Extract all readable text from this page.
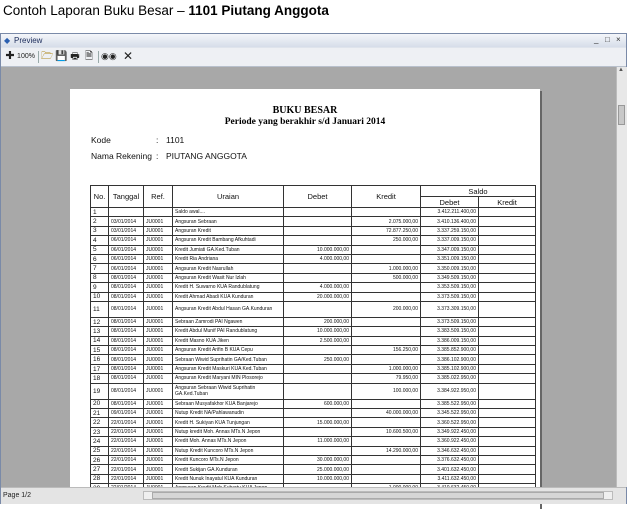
Contoh Laporan Buku Besar – 1101 Piutang Anggota
◆ Preview	_ □ ×
✚ 100% 🗁 💾 🖶 🗎 ◉◉ ✕
BUKU BESAR
Periode yang berakhir s/d Januari 2014
Kode	: 1101
Nama Rekening : PIUTANG ANGGOTA
No.	Tanggal	Ref.	Uraian	Debet	Kredit	Saldo	
						Debet	Kredit
1			Saldo awal....			3.412.211.400,00	
2	03/01/2014	JU0001	Angsuran Sebraan		2.075.000,00	3.410.136.400,00	
3	03/01/2014	JU0001	Angsuran Kredit		72.877.250,00	3.337.259.150,00	
4	06/01/2014	JU0001	Angsuran Kredit Bambang Afkuhtadi		250.000,00	3.337.009.150,00	
5	06/01/2014	JU0001	Kredit Jumiati GA.Ked.Tuban	10.000.000,00		3.347.009.150,00	
6	06/01/2014	JU0001	Kredit Ria Andriana	4.000.000,00		3.351.009.150,00	
7	06/01/2014	JU0001	Angsuran Kredit Nasrullah		1.000.000,00	3.350.009.150,00	
8	08/01/2014	JU0001	Angsuran Kredit Wasit Nur Izlah		500.000,00	3.349.509.150,00	
9	08/01/2014	JU0001	Kredit H. Suwarno KUA Randublatung	4.000.000,00		3.353.509.150,00	
10	08/01/2014	JU0001	Kredit Ahmad Abadi KUA Kunduran	20.000.000,00		3.373.509.150,00	
11	08/01/2014	JU0001	Angsuran Kredit Abdul Hasan GA.Kunduran		200.000,00	3.373.309.150,00	
12	08/01/2014	JU0001	Sebraan Zamrodi PAI Ngawen	200.000,00		3.373.509.150,00	
13	08/01/2014	JU0001	Kredit Abdul Munif PAI Randublatung	10.000.000,00		3.383.509.150,00	
14	08/01/2014	JU0001	Kredit Masno KUA Jiken	2.500.000,00		3.386.009.150,00	
15	08/01/2014	JU0001	Angsuran Kredit Arifin B KUA Cepu		156.250,00	3.385.852.900,00	
16	08/01/2014	JU0001	Sebraan Wiwid Suprihatin GA/Ked.Tuban	250.000,00		3.386.102.900,00	
17	08/01/2014	JU0001	Angsuran Kredit Maskuri KUA Ked.Tuban		1.000.000,00	3.385.102.900,00	
18	08/01/2014	JU0001	Angsuran Kredit Maryani MIN Plosorejo		79.950,00	3.385.022.950,00	
19	08/01/2014	JU0001	Angsuran Sebraan Wiwid Suprihatin GA.Ked.Tuban		100.000,00	3.384.922.950,00	
20	08/01/2014	JU0001	Sebraan Musyafakhor KUA Banjarejo	600.000,00		3.385.522.950,00	
21	09/01/2014	JU0001	Nutup Kredit NA/Pahlawanudin		40.000.000,00	3.345.522.950,00	
22	22/01/2014	JU0001	Kredit H. Sukiyan KUA Tunjungan	15.000.000,00		3.360.522.950,00	
23	22/01/2014	JU0001	Nutup kredit Moh. Annas MTs.N Jepon		10.600.500,00	3.349.922.450,00	
24	22/01/2014	JU0001	Kredit Moh. Annas MTs.N Jepon	11.000.000,00		3.360.922.450,00	
25	22/01/2014	JU0001	Nutup Kredit Kuncoro MTs.N Jepon		14.290.000,00	3.346.632.450,00	
26	22/01/2014	JU0001	Kredit Kuncoro MTs.N Jepon	30.000.000,00		3.376.632.450,00	
27	22/01/2014	JU0001	Kredit Sukijan GA.Kunduran	25.000.000,00		3.401.632.450,00	
28	22/01/2014	JU0001	Kredit Nunuk Inayatul KUA Kunduran	10.000.000,00		3.411.632.450,00	

▲
Page 1/2
